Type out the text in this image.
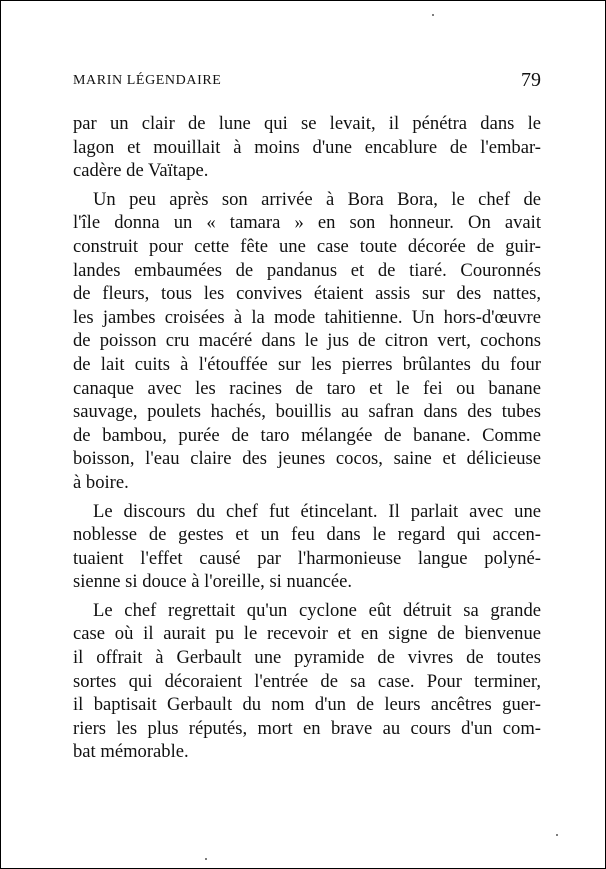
MARIN LÉGENDAIRE	79

par un clair de lune qui se levait, il pénétra dans le
lagon et mouillait à moins d'une encablure de l'embar-
cadère de Vaïtape.

Un peu après son arrivée à Bora Bora, le chef de
l'île donna un « tamara » en son honneur. On avait
construit pour cette fête une case toute décorée de guir-
landes embaumées de pandanus et de tiaré. Couronnés
de fleurs, tous les convives étaient assis sur des nattes,
les jambes croisées à la mode tahitienne. Un hors-d'œuvre
de poisson cru macéré dans le jus de citron vert, cochons
de lait cuits à l'étouffée sur les pierres brûlantes du four
canaque avec les racines de taro et le fei ou banane
sauvage, poulets hachés, bouillis au safran dans des tubes
de bambou, purée de taro mélangée de banane. Comme
boisson, l'eau claire des jeunes cocos, saine et délicieuse
à boire.

Le discours du chef fut étincelant. Il parlait avec une
noblesse de gestes et un feu dans le regard qui accen-
tuaient l'effet causé par l'harmonieuse langue polyné-
sienne si douce à l'oreille, si nuancée.

Le chef regrettait qu'un cyclone eût détruit sa grande
case où il aurait pu le recevoir et en signe de bienvenue
il offrait à Gerbault une pyramide de vivres de toutes
sortes qui décoraient l'entrée de sa case. Pour terminer,
il baptisait Gerbault du nom d'un de leurs ancêtres guer-
riers les plus réputés, mort en brave au cours d'un com-
bat mémorable.
